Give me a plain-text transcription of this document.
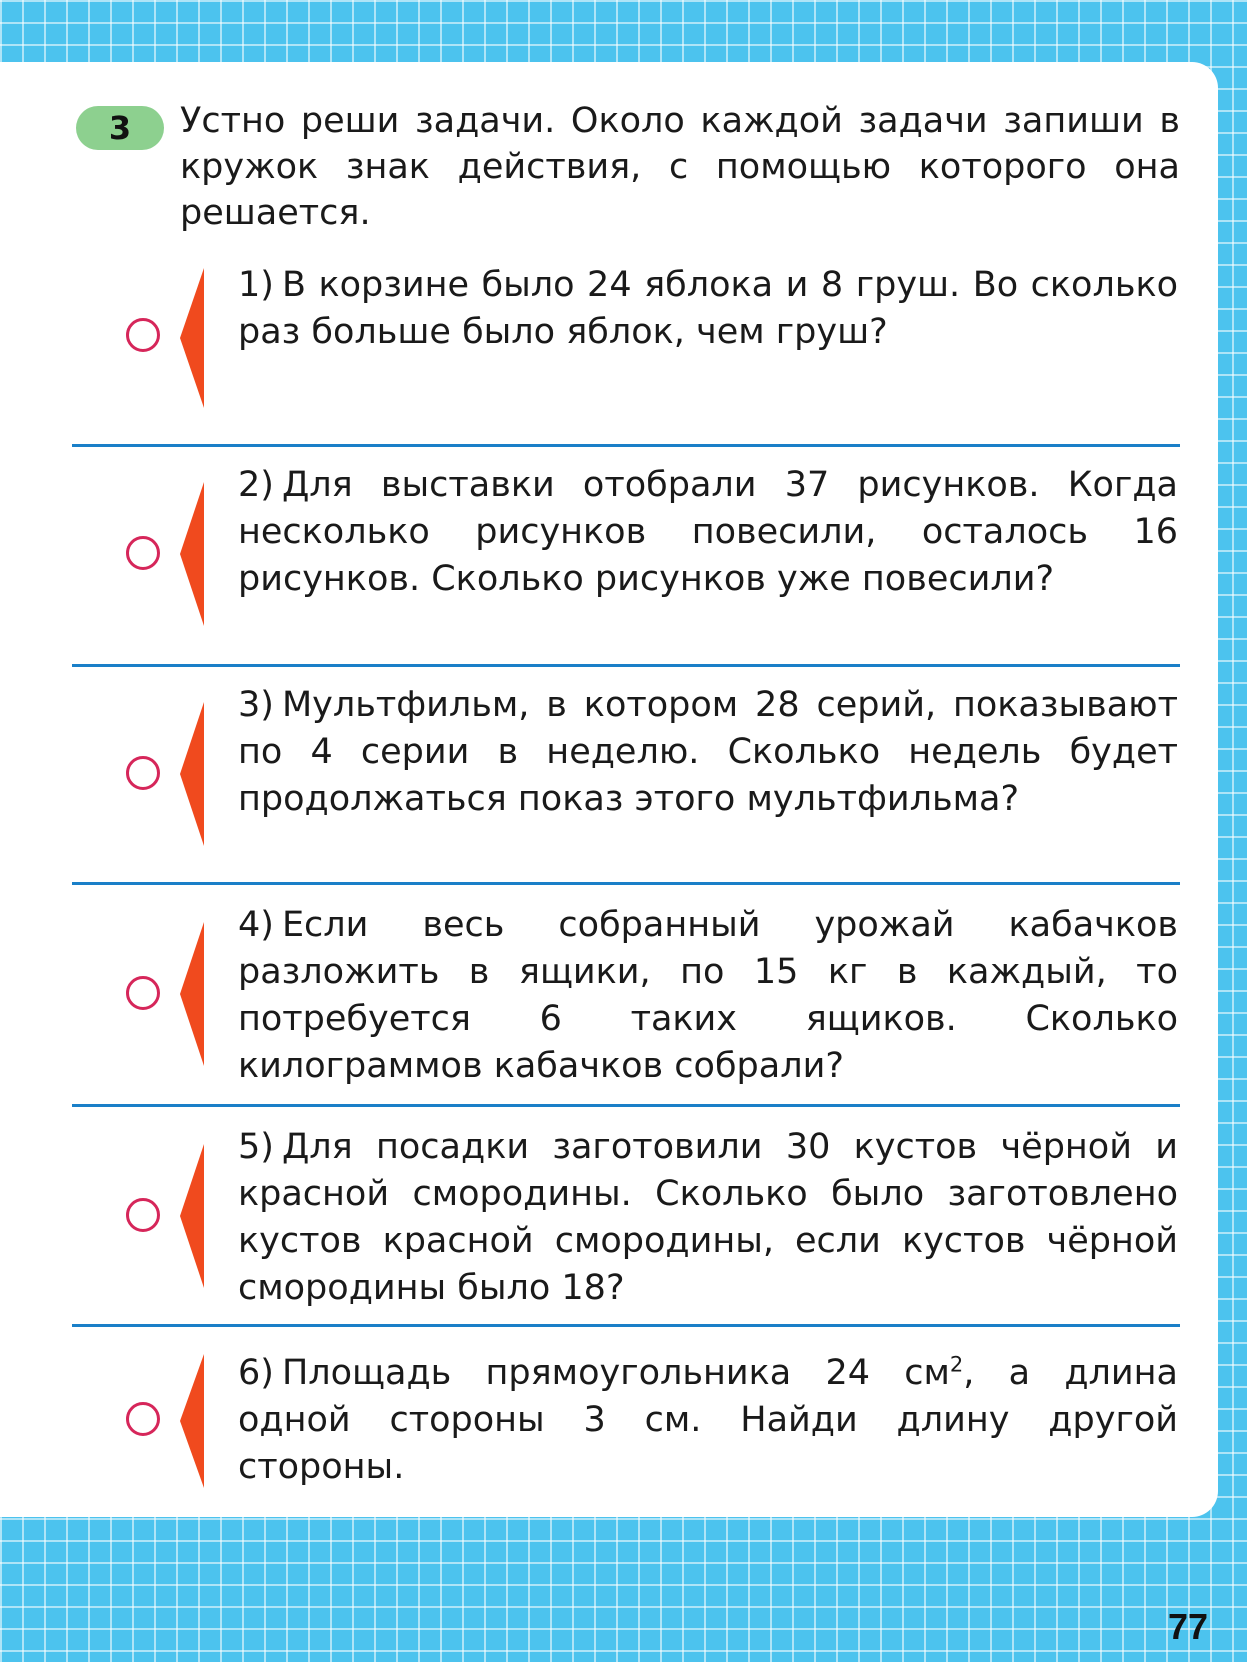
3	Устно реши задачи. Около каждой задачи запиши в кружок знак действия, с помощью которого она решается.

1) В корзине было 24 яблока и 8 груш. Во сколько раз больше было яблок, чем груш?

2) Для выставки отобрали 37 рисунков. Когда несколько рисунков повесили, осталось 16 рисунков. Сколько рисунков уже повесили?

3) Мультфильм, в котором 28 серий, показывают по 4 серии в неделю. Сколько недель будет продолжаться показ этого мультфильма?

4) Если весь собранный урожай кабачков разложить в ящики, по 15 кг в каждый, то потребуется 6 таких ящиков. Сколько килограммов кабачков собрали?

5) Для посадки заготовили 30 кустов чёрной и красной смородины. Сколько было заготовлено кустов красной смородины, если кустов чёрной смородины было 18?

6) Площадь прямоугольника 24 $см^2$, а длина одной стороны 3 см. Найди длину другой стороны.

77
